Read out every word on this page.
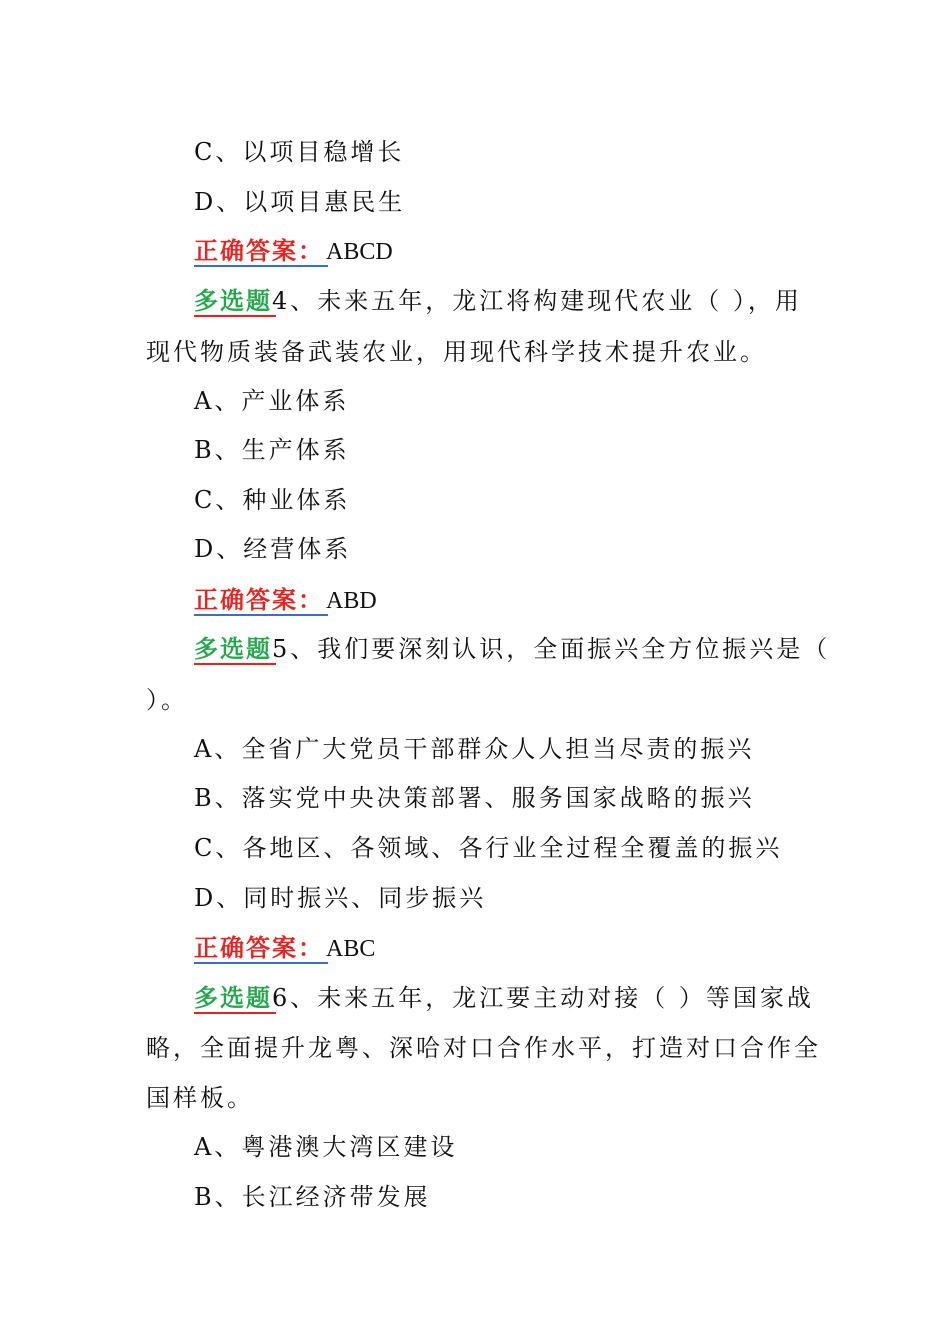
C、以项目稳增长
D、以项目惠民生
正确答案：ABCD
多选题4、未来五年，龙江将构建现代农业（ ），用
现代物质装备武装农业，用现代科学技术提升农业。
A、产业体系
B、生产体系
C、种业体系
D、经营体系
正确答案：ABD
多选题5、我们要深刻认识，全面振兴全方位振兴是（
）。
A、全省广大党员干部群众人人担当尽责的振兴
B、落实党中央决策部署、服务国家战略的振兴
C、各地区、各领域、各行业全过程全覆盖的振兴
D、同时振兴、同步振兴
正确答案：ABC
多选题6、未来五年，龙江要主动对接（ ）等国家战
略，全面提升龙粤、深哈对口合作水平，打造对口合作全
国样板。
A、粤港澳大湾区建设
B、长江经济带发展
